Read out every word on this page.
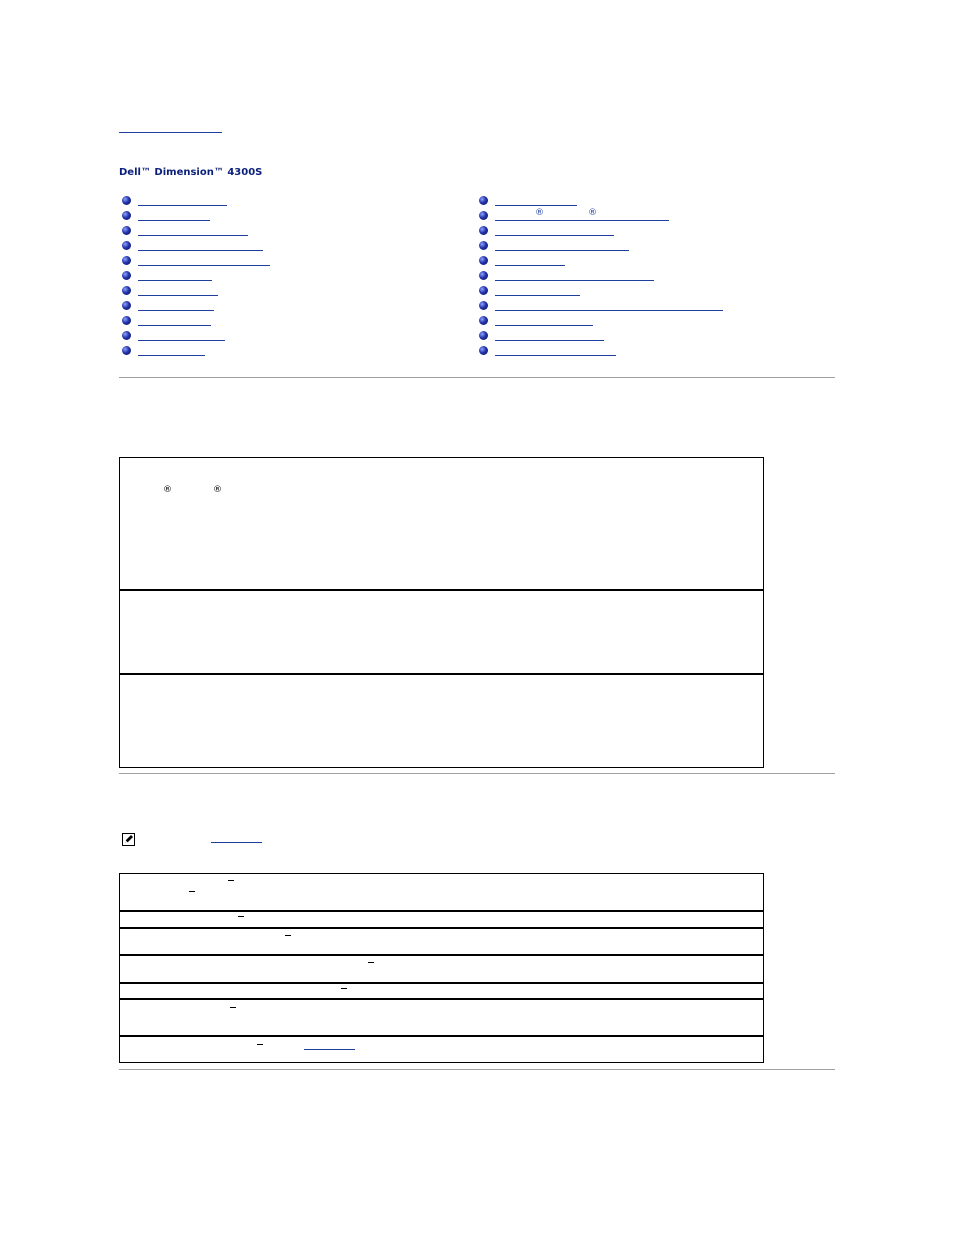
Dell™ Dimension™ 4300S
®	®
®	®
